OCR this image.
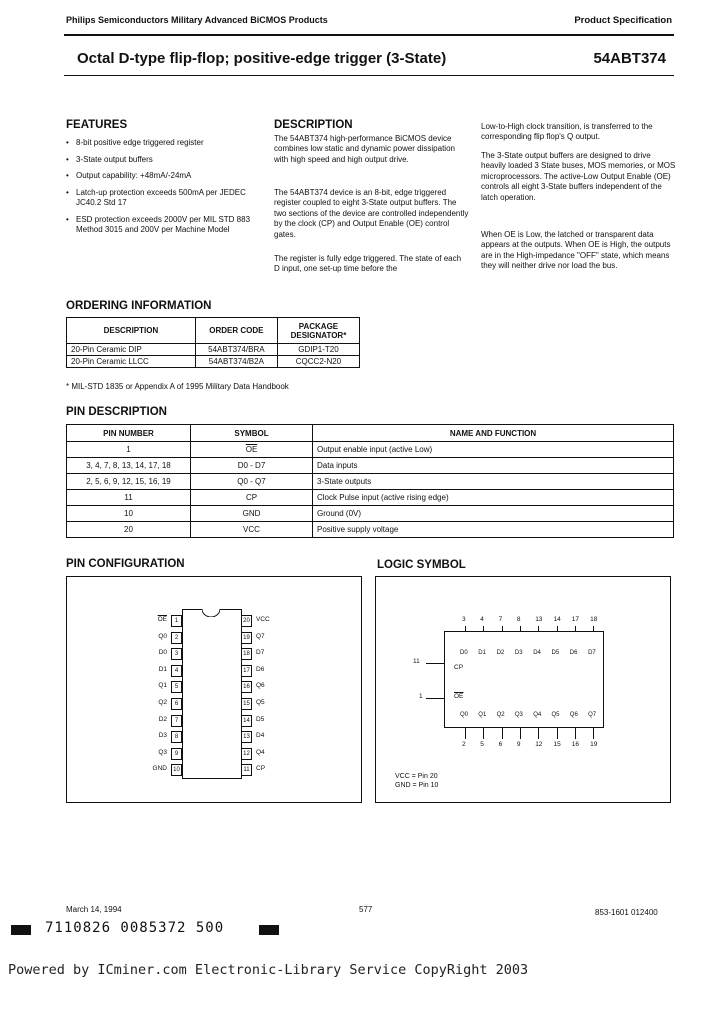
Philips Semiconductors Military Advanced BiCMOS Products	Product Specification
Octal D-type flip-flop; positive-edge trigger (3-State)	54ABT374
FEATURES
• 8-bit positive edge triggered register
• 3-State output buffers
• Output capability: +48mA/-24mA
• Latch-up protection exceeds 500mA per JEDEC JC40.2 Std 17
• ESD protection exceeds 2000V per MIL STD 883 Method 3015 and 200V per Machine Model
DESCRIPTION
The 54ABT374 high-performance BiCMOS device combines low static and dynamic power dissipation with high speed and high output drive.
The 54ABT374 device is an 8-bit, edge triggered register coupled to eight 3-State output buffers. The two sections of the device are controlled independently by the clock (CP) and Output Enable (OE) control gates.
The register is fully edge triggered. The state of each D input, one set-up time before the
Low-to-High clock transition, is transferred to the corresponding flip flop's Q output.
The 3-State output buffers are designed to drive heavily loaded 3 State buses, MOS memories, or MOS microprocessors. The active-Low Output Enable (OE) controls all eight 3-State buffers independent of the latch operation.
When OE is Low, the latched or transparent data appears at the outputs. When OE is High, the outputs are in the High-impedance "OFF" state, which means they will neither drive nor load the bus.
ORDERING INFORMATION
DESCRIPTION	ORDER CODE	PACKAGE DESIGNATOR*
20-Pin Ceramic DIP	54ABT374/BRA	GDIP1-T20
20-Pin Ceramic LLCC	54ABT374/B2A	CQCC2-N20
* MIL-STD 1835 or Appendix A of 1995 Military Data Handbook
PIN DESCRIPTION
PIN NUMBER	SYMBOL	NAME AND FUNCTION
1	$\overline{OE}$	Output enable input (active Low)
3, 4, 7, 8, 13, 14, 17, 18	D0 - D7	Data inputs
2, 5, 6, 9, 12, 15, 16, 19	Q0 - Q7	3-State outputs
11	CP	Clock Pulse input (active rising edge)
10	GND	Ground (0V)
20	VCC	Positive supply voltage
PIN CONFIGURATION
$\overline{OE}$	1
Q0	2
D0	3
D1	4
Q1	5
Q2	6
D2	7
D3	8
Q3	9
GND	10
20 VCC
19 Q7
18 D7
17 D6
16 Q6
15 Q5
14 D5
13 D4
12 Q4
11 CP
LOGIC SYMBOL
3
D0
Q0
2
4
D1
Q1
5
7
D2
Q2
6
8
D3
Q3
9
13
D4
Q4
12
14
D5
Q5
15
17
D6
Q6
16
18
D7
Q7
19
11
CP
1	$\overline{OE}$
VCC = Pin 20
GND = Pin 10
March 14, 1994	577	853-1601 012400
7110826 0085372 500
Powered by ICminer.com Electronic-Library Service CopyRight 2003
